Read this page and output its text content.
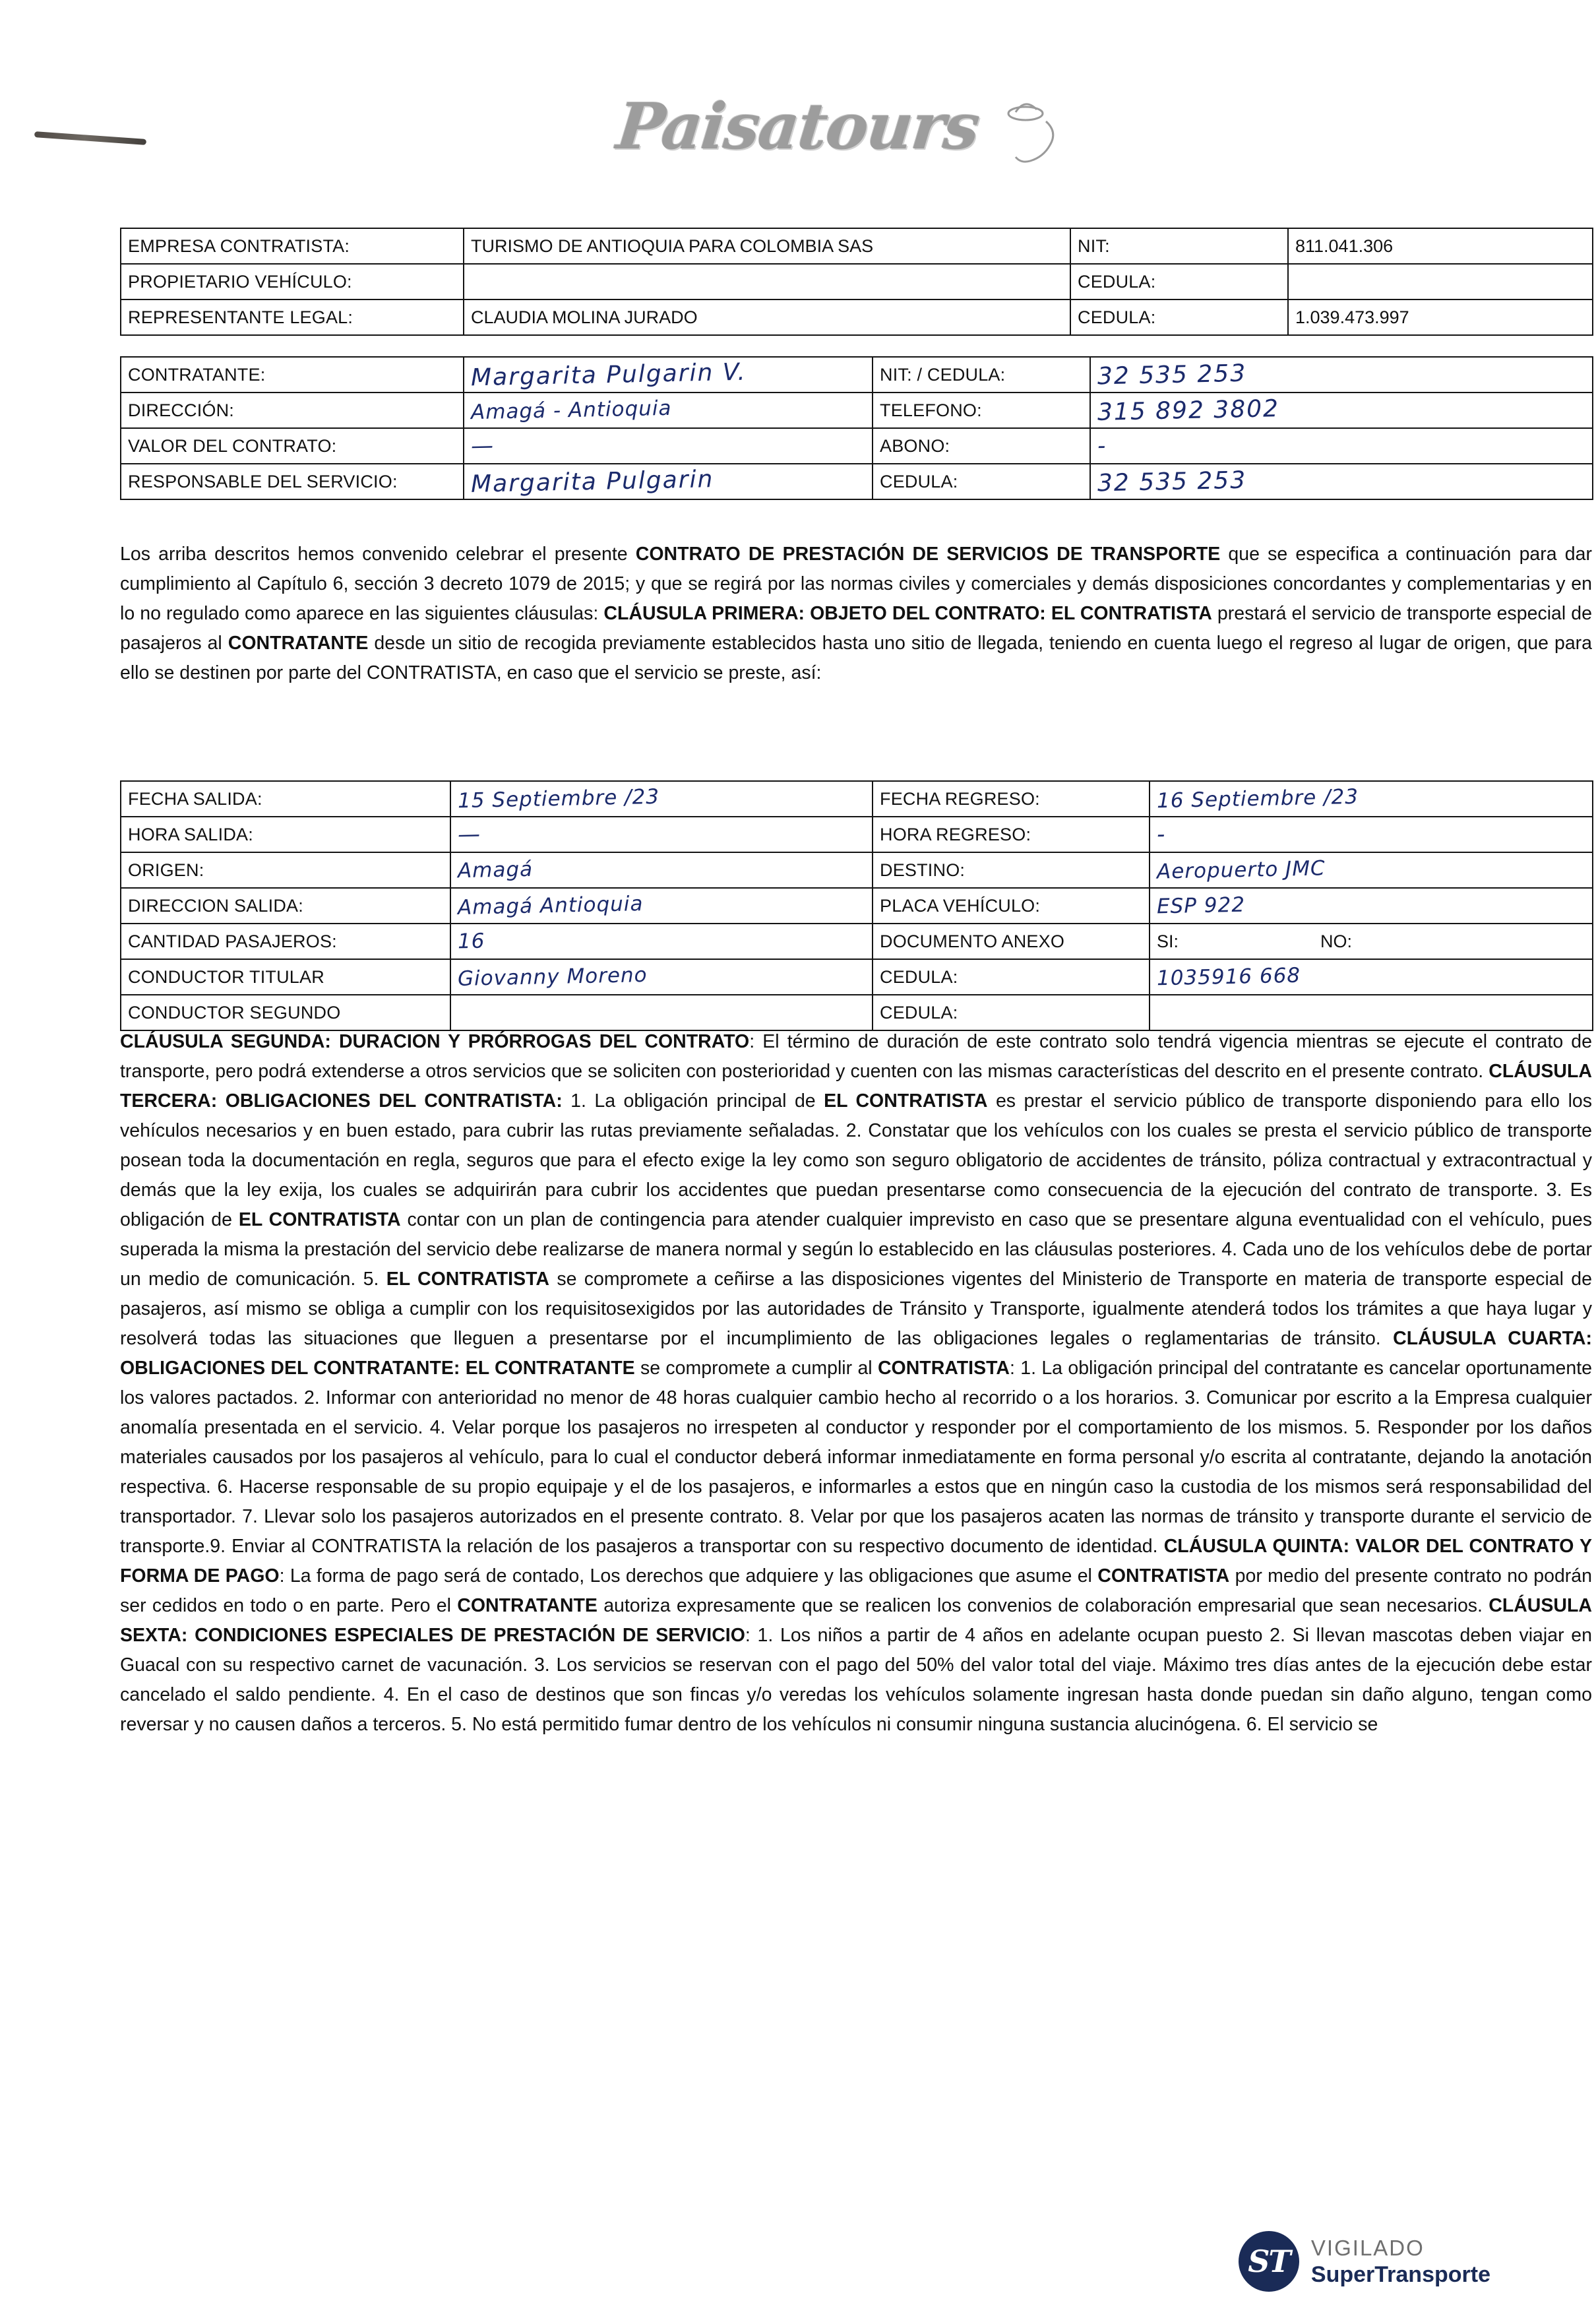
Paisatours
EMPRESA CONTRATISTA:	TURISMO DE ANTIOQUIA PARA COLOMBIA SAS	NIT:	811.041.306
PROPIETARIO VEHÍCULO:		CEDULA:	
REPRESENTANTE LEGAL:	CLAUDIA MOLINA JURADO	CEDULA:	1.039.473.997
CONTRATANTE:	Margarita Pulgarin V.	NIT: / CEDULA:	32 535 253
DIRECCIÓN:	Amagá - Antioquia	TELEFONO:	315 892 3802
VALOR DEL CONTRATO:	—	ABONO:	-
RESPONSABLE DEL SERVICIO:	Margarita Pulgarin	CEDULA:	32 535 253
Los arriba descritos hemos convenido celebrar el presente CONTRATO DE PRESTACIÓN DE SERVICIOS DE TRANSPORTE que se especifica a continuación para dar cumplimiento al Capítulo 6, sección 3 decreto 1079 de 2015; y que se regirá por las normas civiles y comerciales y demás disposiciones concordantes y complementarias y en lo no regulado como aparece en las siguientes cláusulas: CLÁUSULA PRIMERA: OBJETO DEL CONTRATO: EL CONTRATISTA prestará el servicio de transporte especial de pasajeros al CONTRATANTE desde un sitio de recogida previamente establecidos hasta uno sitio de llegada, teniendo en cuenta luego el regreso al lugar de origen, que para ello se destinen por parte del CONTRATISTA, en caso que el servicio se preste, así:
FECHA SALIDA:	15 Septiembre /23	FECHA REGRESO:	16 Septiembre /23
HORA SALIDA:	—	HORA REGRESO:	-
ORIGEN:	Amagá	DESTINO:	Aeropuerto JMC
DIRECCION SALIDA:	Amagá Antioquia	PLACA VEHÍCULO:	ESP 922
CANTIDAD PASAJEROS:	16	DOCUMENTO ANEXO	SI: NO:
CONDUCTOR TITULAR	Giovanny Moreno	CEDULA:	1035916 668
CONDUCTOR SEGUNDO		CEDULA:	
CLÁUSULA SEGUNDA: DURACION Y PRÓRROGAS DEL CONTRATO: El término de duración de este contrato solo tendrá vigencia mientras se ejecute el contrato de transporte, pero podrá extenderse a otros servicios que se soliciten con posterioridad y cuenten con las mismas características del descrito en el presente contrato. CLÁUSULA TERCERA: OBLIGACIONES DEL CONTRATISTA: 1. La obligación principal de EL CONTRATISTA es prestar el servicio público de transporte disponiendo para ello los vehículos necesarios y en buen estado, para cubrir las rutas previamente señaladas. 2. Constatar que los vehículos con los cuales se presta el servicio público de transporte posean toda la documentación en regla, seguros que para el efecto exige la ley como son seguro obligatorio de accidentes de tránsito, póliza contractual y extracontractual y demás que la ley exija, los cuales se adquirirán para cubrir los accidentes que puedan presentarse como consecuencia de la ejecución del contrato de transporte. 3. Es obligación de EL CONTRATISTA contar con un plan de contingencia para atender cualquier imprevisto en caso que se presentare alguna eventualidad con el vehículo, pues superada la misma la prestación del servicio debe realizarse de manera normal y según lo establecido en las cláusulas posteriores. 4. Cada uno de los vehículos debe de portar un medio de comunicación. 5. EL CONTRATISTA se compromete a ceñirse a las disposiciones vigentes del Ministerio de Transporte en materia de transporte especial de pasajeros, así mismo se obliga a cumplir con los requisitosexigidos por las autoridades de Tránsito y Transporte, igualmente atenderá todos los trámites a que haya lugar y resolverá todas las situaciones que lleguen a presentarse por el incumplimiento de las obligaciones legales o reglamentarias de tránsito. CLÁUSULA CUARTA: OBLIGACIONES DEL CONTRATANTE: EL CONTRATANTE se compromete a cumplir al CONTRATISTA: 1. La obligación principal del contratante es cancelar oportunamente los valores pactados. 2. Informar con anterioridad no menor de 48 horas cualquier cambio hecho al recorrido o a los horarios. 3. Comunicar por escrito a la Empresa cualquier anomalía presentada en el servicio. 4. Velar porque los pasajeros no irrespeten al conductor y responder por el comportamiento de los mismos. 5. Responder por los daños materiales causados por los pasajeros al vehículo, para lo cual el conductor deberá informar inmediatamente en forma personal y/o escrita al contratante, dejando la anotación respectiva. 6. Hacerse responsable de su propio equipaje y el de los pasajeros, e informarles a estos que en ningún caso la custodia de los mismos será responsabilidad del transportador. 7. Llevar solo los pasajeros autorizados en el presente contrato. 8. Velar por que los pasajeros acaten las normas de tránsito y transporte durante el servicio de transporte.9. Enviar al CONTRATISTA la relación de los pasajeros a transportar con su respectivo documento de identidad. CLÁUSULA QUINTA: VALOR DEL CONTRATO Y FORMA DE PAGO: La forma de pago será de contado, Los derechos que adquiere y las obligaciones que asume el CONTRATISTA por medio del presente contrato no podrán ser cedidos en todo o en parte. Pero el CONTRATANTE autoriza expresamente que se realicen los convenios de colaboración empresarial que sean necesarios. CLÁUSULA SEXTA: CONDICIONES ESPECIALES DE PRESTACIÓN DE SERVICIO: 1. Los niños a partir de 4 años en adelante ocupan puesto 2. Si llevan mascotas deben viajar en Guacal con su respectivo carnet de vacunación. 3. Los servicios se reservan con el pago del 50% del valor total del viaje. Máximo tres días antes de la ejecución debe estar cancelado el saldo pendiente. 4. En el caso de destinos que son fincas y/o veredas los vehículos solamente ingresan hasta donde puedan sin daño alguno, tengan como reversar y no causen daños a terceros. 5. No está permitido fumar dentro de los vehículos ni consumir ninguna sustancia alucinógena. 6. El servicio se
ST VIGILADO
SuperTransporte
